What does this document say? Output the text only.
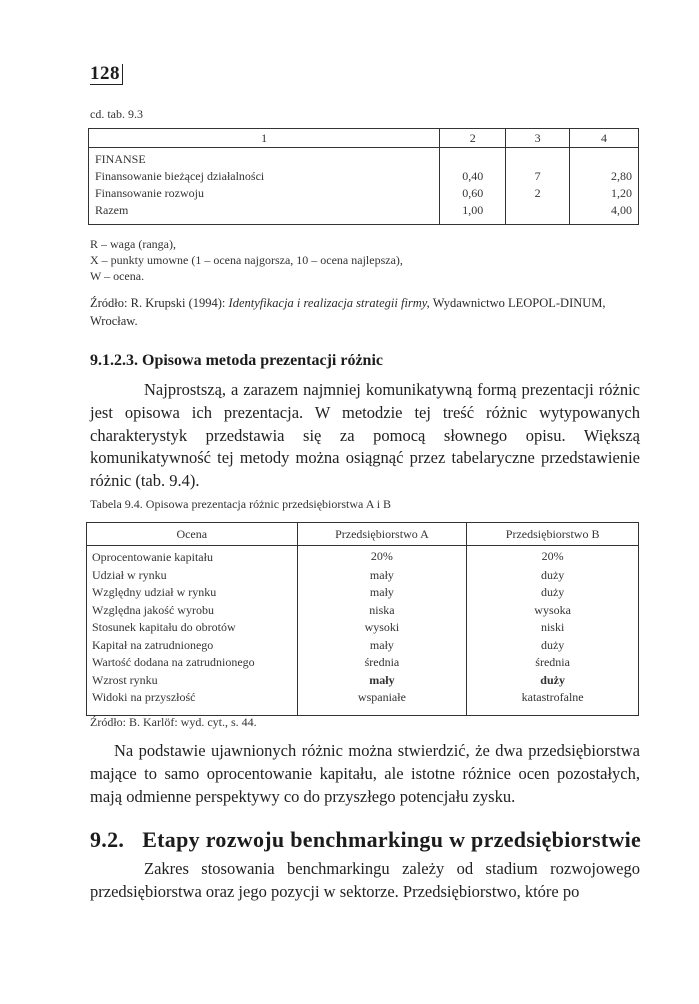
128
cd. tab. 9.3
1	2	3	4
FINANSE			
Finansowanie bieżącej działalności	0,40	7	2,80
Finansowanie rozwoju	0,60	2	1,20
Razem	1,00		4,00
R – waga (ranga),
X – punkty umowne (1 – ocena najgorsza, 10 – ocena najlepsza),
W – ocena.
Źródło: R. Krupski (1994): Identyfikacja i realizacja strategii firmy, Wydawnictwo LEOPOL-DINUM, Wrocław.
9.1.2.3. Opisowa metoda prezentacji różnic
Najprostszą, a zarazem najmniej komunikatywną formą prezentacji różnic jest opisowa ich prezentacja. W metodzie tej treść różnic wytypowanych charakterystyk przedstawia się za pomocą słownego opisu. Większą komunikatywność tej metody można osiągnąć przez tabelaryczne przedstawienie różnic (tab. 9.4).
Tabela 9.4. Opisowa prezentacja różnic przedsiębiorstwa A i B
Ocena	Przedsiębiorstwo A	Przedsiębiorstwo B
Oprocentowanie kapitału	20%	20%
Udział w rynku	mały	duży
Względny udział w rynku	mały	duży
Względna jakość wyrobu	niska	wysoka
Stosunek kapitału do obrotów	wysoki	niski
Kapitał na zatrudnionego	mały	duży
Wartość dodana na zatrudnionego	średnia	średnia
Wzrost rynku	mały	duży
Widoki na przyszłość	wspaniałe	katastrofalne
Źródło: B. Karlöf: wyd. cyt., s. 44.
Na podstawie ujawnionych różnic można stwierdzić, że dwa przedsiębiorstwa mające to samo oprocentowanie kapitału, ale istotne różnice ocen pozostałych, mają odmienne perspektywy co do przyszłego potencjału zysku.
9.2. Etapy rozwoju benchmarkingu w przedsiębiorstwie
Zakres stosowania benchmarkingu zależy od stadium rozwojowego przedsiębiorstwa oraz jego pozycji w sektorze. Przedsiębiorstwo, które po
